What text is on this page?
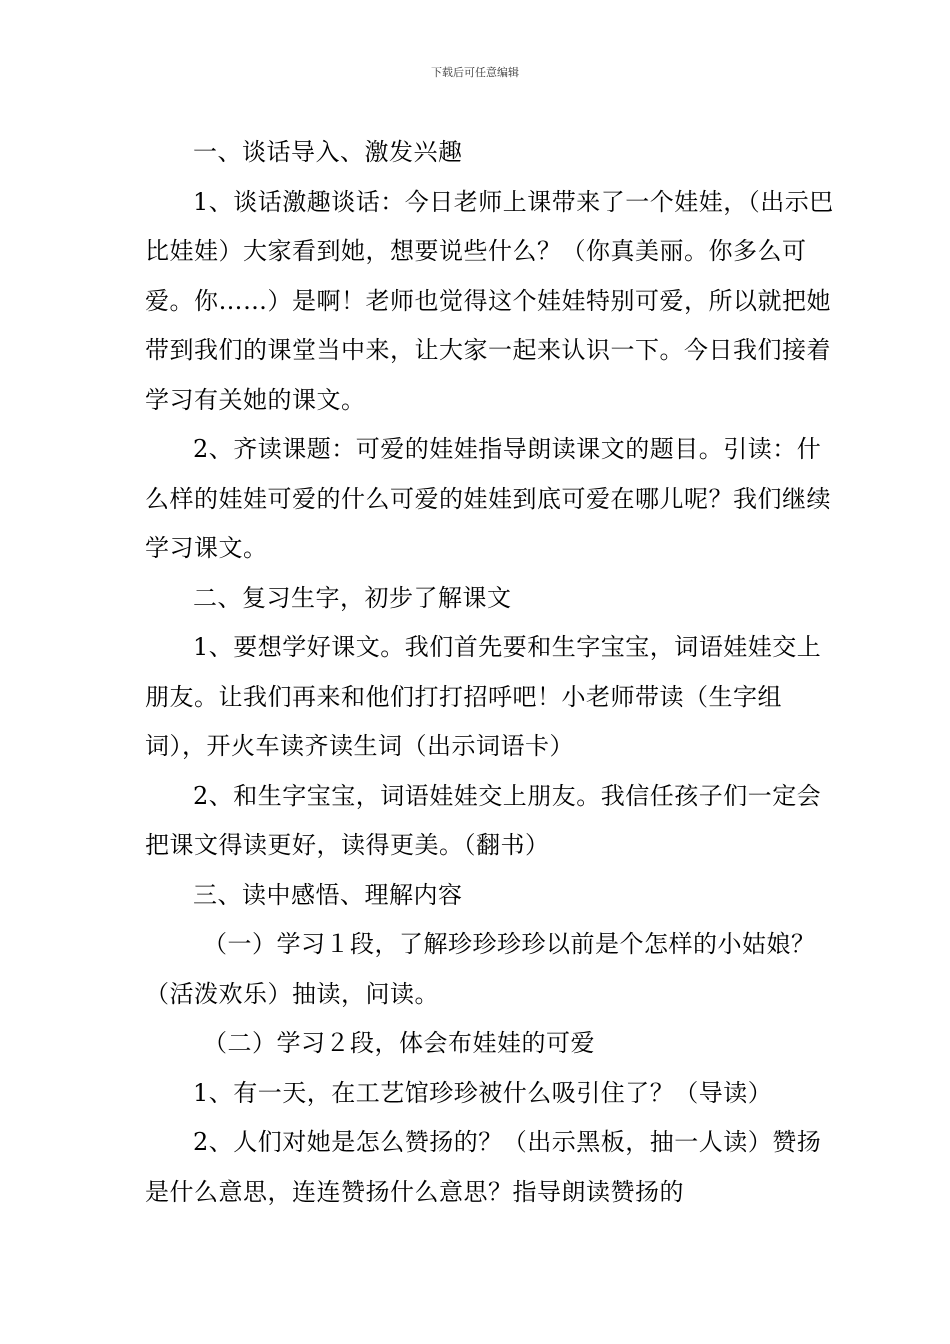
下载后可任意编辑

一、谈话导入、激发兴趣

1、谈话激趣谈话：今日老师上课带来了一个娃娃，（出示巴比娃娃）大家看到她，想要说些什么？（你真美丽。你多么可爱。你……）是啊！老师也觉得这个娃娃特别可爱，所以就把她带到我们的课堂当中来，让大家一起来认识一下。今日我们接着学习有关她的课文。

2、齐读课题：可爱的娃娃指导朗读课文的题目。引读：什么样的娃娃可爱的什么可爱的娃娃到底可爱在哪儿呢？我们继续学习课文。

二、复习生字，初步了解课文

1、要想学好课文。我们首先要和生字宝宝，词语娃娃交上朋友。让我们再来和他们打打招呼吧！小老师带读（生字组词），开火车读齐读生词（出示词语卡）

2、和生字宝宝，词语娃娃交上朋友。我信任孩子们一定会把课文得读更好，读得更美。（翻书）

三、读中感悟、理解内容

（一）学习１段，了解珍珍珍珍以前是个怎样的小姑娘？（活泼欢乐）抽读，问读。

（二）学习２段，体会布娃娃的可爱

1、有一天，在工艺馆珍珍被什么吸引住了？（导读）

2、人们对她是怎么赞扬的？（出示黑板，抽一人读）赞扬是什么意思，连连赞扬什么意思？指导朗读赞扬的
